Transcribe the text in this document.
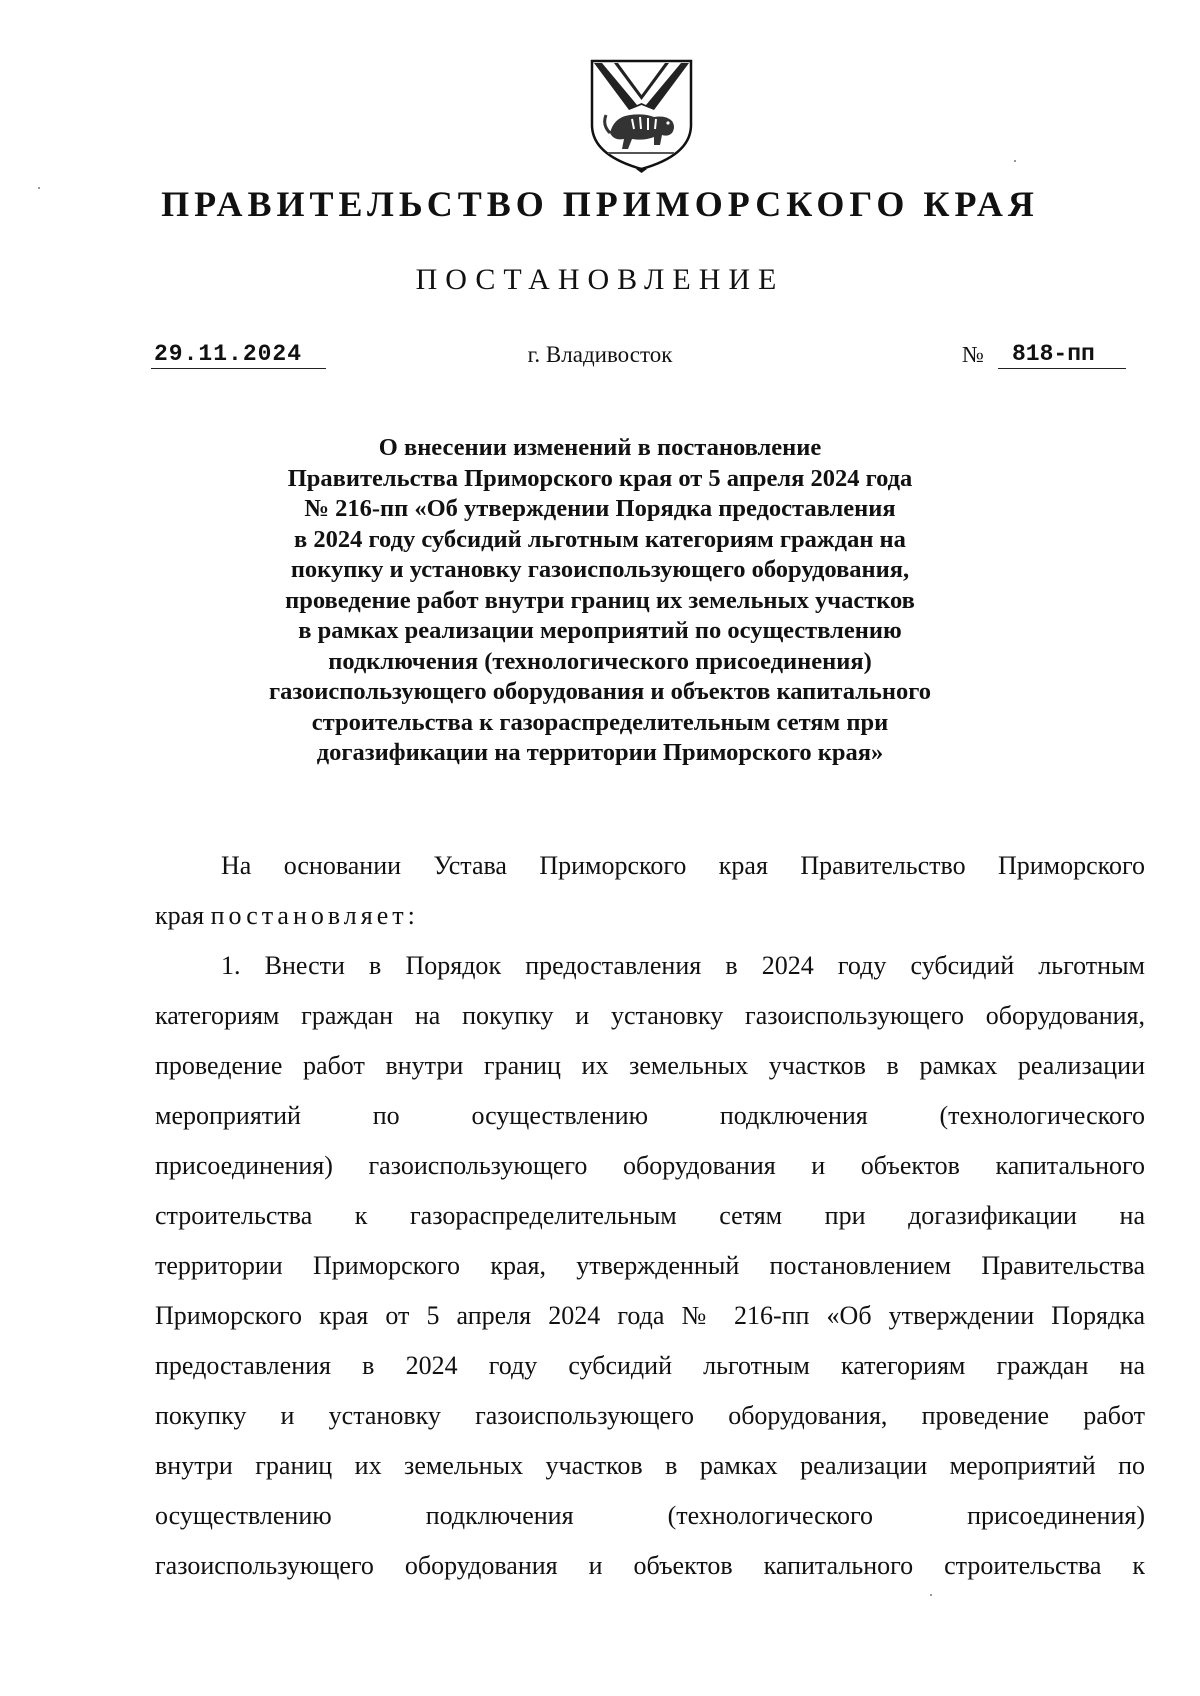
ПРАВИТЕЛЬСТВО ПРИМОРСКОГО КРАЯ
ПОСТАНОВЛЕНИЕ
29.11.2024	г. Владивосток	№	818-пп
О внесении изменений в постановление
Правительства Приморского края от 5 апреля 2024 года
№ 216-пп «Об утверждении Порядка предоставления
в 2024 году субсидий льготным категориям граждан на
покупку и установку газоиспользующего оборудования,
проведение работ внутри границ их земельных участков
в рамках реализации мероприятий по осуществлению
подключения (технологического присоединения)
газоиспользующего оборудования и объектов капитального
строительства к газораспределительным сетям при
догазификации на территории Приморского края»
На основании Устава Приморского края Правительство Приморского
края постановляет:
1. Внести в Порядок предоставления в 2024 году субсидий льготным
категориям граждан на покупку и установку газоиспользующего оборудования,
проведение работ внутри границ их земельных участков в рамках реализации
мероприятий по осуществлению подключения (технологического
присоединения) газоиспользующего оборудования и объектов капитального
строительства к газораспределительным сетям при догазификации на
территории Приморского края, утвержденный постановлением Правительства
Приморского края от 5 апреля 2024 года № 216-пп «Об утверждении Порядка
предоставления в 2024 году субсидий льготным категориям граждан на
покупку и установку газоиспользующего оборудования, проведение работ
внутри границ их земельных участков в рамках реализации мероприятий по
осуществлению подключения (технологического присоединения)
газоиспользующего оборудования и объектов капитального строительства к
